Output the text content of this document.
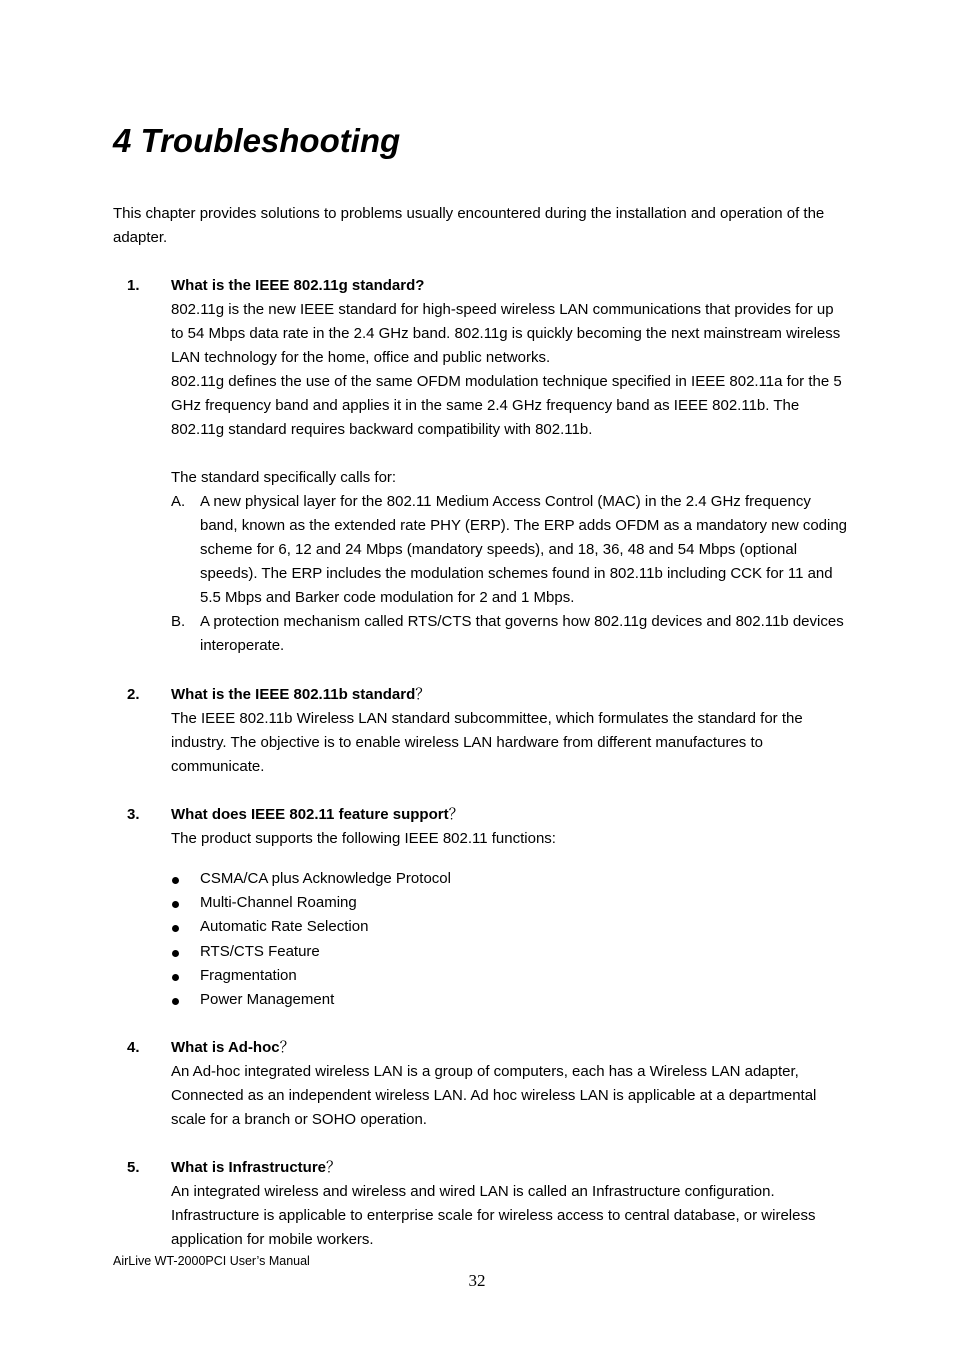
4 Troubleshooting

This chapter provides solutions to problems usually encountered during the installation and operation of the adapter.

1. What is the IEEE 802.11g standard?

802.11g is the new IEEE standard for high-speed wireless LAN communications that provides for up to 54 Mbps data rate in the 2.4 GHz band. 802.11g is quickly becoming the next mainstream wireless LAN technology for the home, office and public networks.

802.11g defines the use of the same OFDM modulation technique specified in IEEE 802.11a for the 5 GHz frequency band and applies it in the same 2.4 GHz frequency band as IEEE 802.11b. The 802.11g standard requires backward compatibility with 802.11b.

The standard specifically calls for:

A. A new physical layer for the 802.11 Medium Access Control (MAC) in the 2.4 GHz frequency band, known as the extended rate PHY (ERP). The ERP adds OFDM as a mandatory new coding scheme for 6, 12 and 24 Mbps (mandatory speeds), and 18, 36, 48 and 54 Mbps (optional speeds). The ERP includes the modulation schemes found in 802.11b including CCK for 11 and 5.5 Mbps and Barker code modulation for 2 and 1 Mbps.
B. A protection mechanism called RTS/CTS that governs how 802.11g devices and 802.11b devices interoperate.
2. What is the IEEE 802.11b standard？

The IEEE 802.11b Wireless LAN standard subcommittee, which formulates the standard for the industry. The objective is to enable wireless LAN hardware from different manufactures to communicate.

3. What does IEEE 802.11 feature support？

The product supports the following IEEE 802.11 functions:

CSMA/CA plus Acknowledge Protocol
Multi-Channel Roaming
Automatic Rate Selection
RTS/CTS Feature
Fragmentation
Power Management
4. What is Ad-hoc？

An Ad-hoc integrated wireless LAN is a group of computers, each has a Wireless LAN adapter, Connected as an independent wireless LAN. Ad hoc wireless LAN is applicable at a departmental scale for a branch or SOHO operation.

5. What is Infrastructure？

An integrated wireless and wireless and wired LAN is called an Infrastructure configuration. Infrastructure is applicable to enterprise scale for wireless access to central database, or wireless application for mobile workers.

AirLive WT-2000PCI User’s Manual

32
